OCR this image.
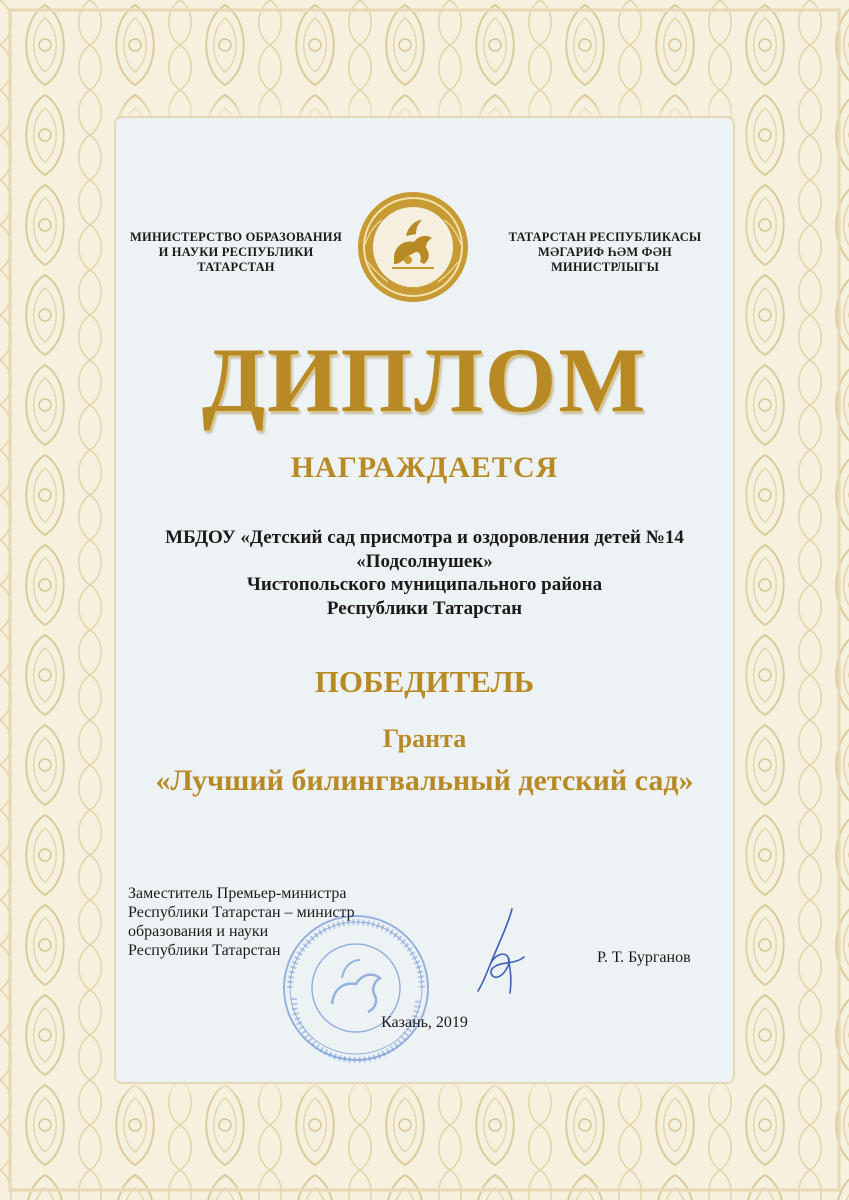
МИНИСТЕРСТВО ОБРАЗОВАНИЯ
И НАУКИ РЕСПУБЛИКИ
ТАТАРСТАН
ТАТАРСТАН
ТАТАРСТАН РЕСПУБЛИКАСЫ
МӘГАРИФ ҺӘМ ФӘН
МИНИСТРЛЫГЫ
ДИПЛОМ
НАГРАЖДАЕТСЯ
МБДОУ «Детский сад присмотра и оздоровления детей №14
«Подсолнушек»
Чистопольского муниципального района
Республики Татарстан
ПОБЕДИТЕЛЬ
Гранта
«Лучший билингвальный детский сад»
Заместитель Премьер-министра
Республики Татарстан – министр
образования и науки
Республики Татарстан	Р. Т. Бурганов
Казань, 2019
